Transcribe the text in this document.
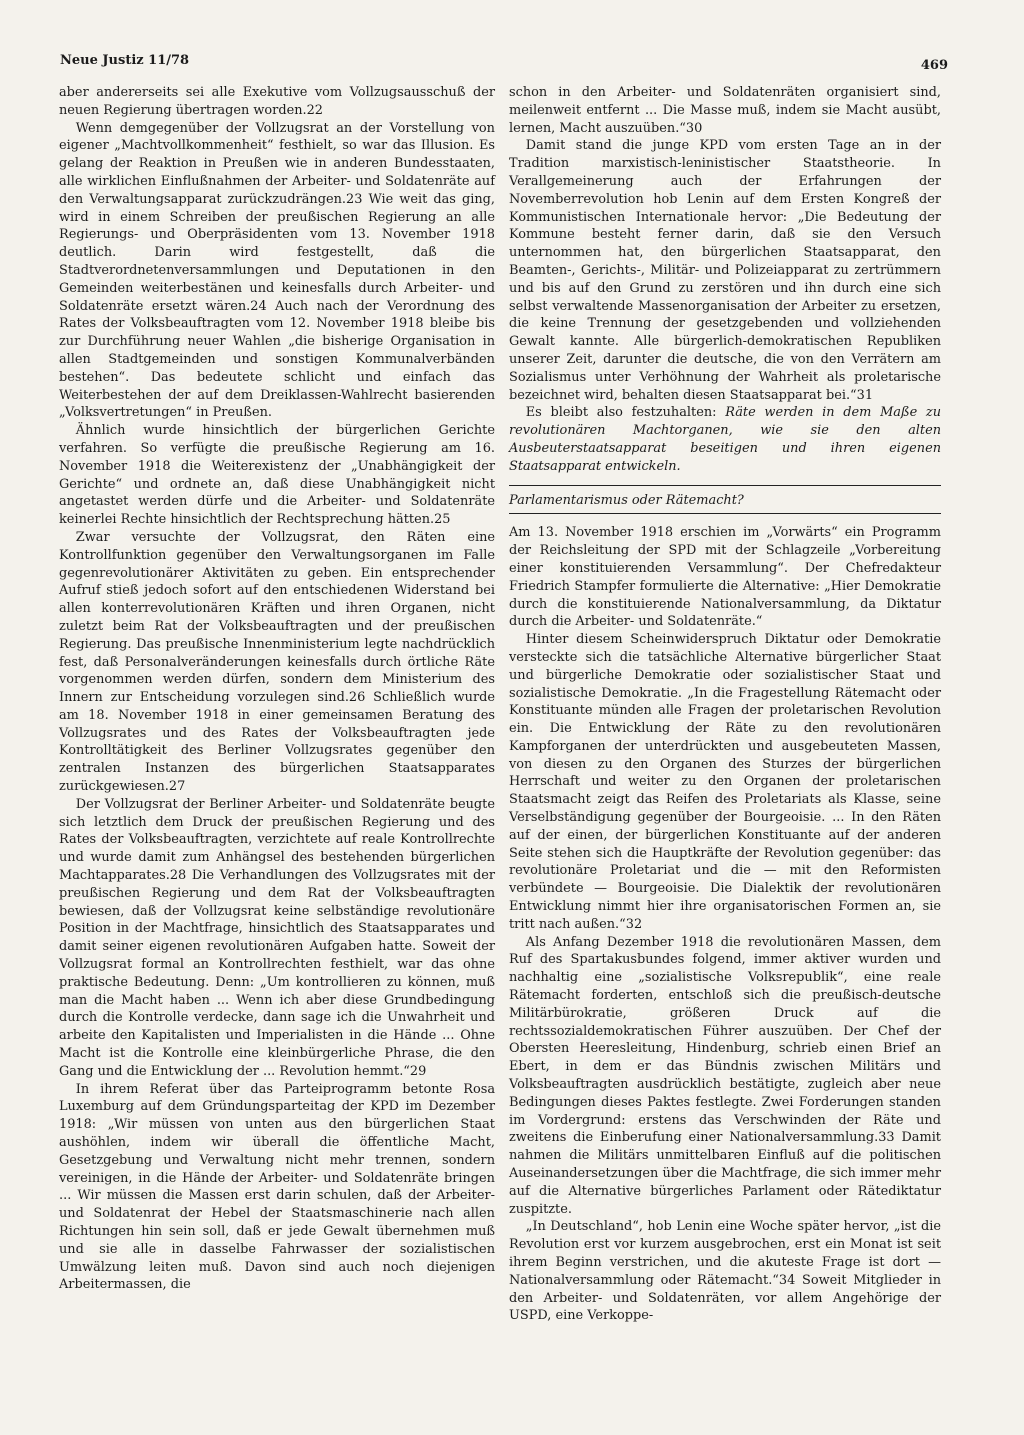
Neue Justiz 11/78	469

aber andererseits sei alle Exekutive vom Vollzugsausschuß der neuen Regierung übertragen worden.22

Wenn demgegenüber der Vollzugsrat an der Vorstellung von eigener „Machtvollkommenheit“ festhielt, so war das Illusion. Es gelang der Reaktion in Preußen wie in anderen Bundesstaaten, alle wirklichen Einflußnahmen der Arbeiter- und Soldatenräte auf den Verwaltungsapparat zurückzudrängen.23 Wie weit das ging, wird in einem Schreiben der preußischen Regierung an alle Regierungs- und Oberpräsidenten vom 13. November 1918 deutlich. Darin wird festgestellt, daß die Stadtverordnetenversammlungen und Deputationen in den Gemeinden weiterbestänen und keinesfalls durch Arbeiter- und Soldatenräte ersetzt wären.24 Auch nach der Verordnung des Rates der Volksbeauftragten vom 12. November 1918 bleibe bis zur Durchführung neuer Wahlen „die bisherige Organisation in allen Stadtgemeinden und sonstigen Kommunalverbänden bestehen“. Das bedeutete schlicht und einfach das Weiterbestehen der auf dem Dreiklassen-Wahlrecht basierenden „Volksvertretungen“ in Preußen.

Ähnlich wurde hinsichtlich der bürgerlichen Gerichte verfahren. So verfügte die preußische Regierung am 16. November 1918 die Weiterexistenz der „Unabhängigkeit der Gerichte“ und ordnete an, daß diese Unabhängigkeit nicht angetastet werden dürfe und die Arbeiter- und Soldatenräte keinerlei Rechte hinsichtlich der Rechtsprechung hätten.25

Zwar versuchte der Vollzugsrat, den Räten eine Kontrollfunktion gegenüber den Verwaltungsorganen im Falle gegenrevolutionärer Aktivitäten zu geben. Ein entsprechender Aufruf stieß jedoch sofort auf den entschiedenen Widerstand bei allen konterrevolutionären Kräften und ihren Organen, nicht zuletzt beim Rat der Volksbeauftragten und der preußischen Regierung. Das preußische Innenministerium legte nachdrücklich fest, daß Personalveränderungen keinesfalls durch örtliche Räte vorgenommen werden dürfen, sondern dem Ministerium des Innern zur Entscheidung vorzulegen sind.26 Schließlich wurde am 18. November 1918 in einer gemeinsamen Beratung des Vollzugsrates und des Rates der Volksbeauftragten jede Kontrolltätigkeit des Berliner Vollzugsrates gegenüber den zentralen Instanzen des bürgerlichen Staatsapparates zurückgewiesen.27

Der Vollzugsrat der Berliner Arbeiter- und Soldatenräte beugte sich letztlich dem Druck der preußischen Regierung und des Rates der Volksbeauftragten, verzichtete auf reale Kontrollrechte und wurde damit zum Anhängsel des bestehenden bürgerlichen Machtapparates.28 Die Verhandlungen des Vollzugsrates mit der preußischen Regierung und dem Rat der Volksbeauftragten bewiesen, daß der Vollzugsrat keine selbständige revolutionäre Position in der Machtfrage, hinsichtlich des Staatsapparates und damit seiner eigenen revolutionären Aufgaben hatte. Soweit der Vollzugsrat formal an Kontrollrechten festhielt, war das ohne praktische Bedeutung. Denn: „Um kontrollieren zu können, muß man die Macht haben ... Wenn ich aber diese Grundbedingung durch die Kontrolle verdecke, dann sage ich die Unwahrheit und arbeite den Kapitalisten und Imperialisten in die Hände ... Ohne Macht ist die Kontrolle eine kleinbürgerliche Phrase, die den Gang und die Entwicklung der ... Revolution hemmt.“29

In ihrem Referat über das Parteiprogramm betonte Rosa Luxemburg auf dem Gründungsparteitag der KPD im Dezember 1918: „Wir müssen von unten aus den bürgerlichen Staat aushöhlen, indem wir überall die öffentliche Macht, Gesetzgebung und Verwaltung nicht mehr trennen, sondern vereinigen, in die Hände der Arbeiter- und Soldatenräte bringen ... Wir müssen die Massen erst darin schulen, daß der Arbeiter- und Soldatenrat der Hebel der Staatsmaschinerie nach allen Richtungen hin sein soll, daß er jede Gewalt übernehmen muß und sie alle in dasselbe Fahrwasser der sozialistischen Umwälzung leiten muß. Davon sind auch noch diejenigen Arbeitermassen, die

schon in den Arbeiter- und Soldatenräten organisiert sind, meilenweit entfernt ... Die Masse muß, indem sie Macht ausübt, lernen, Macht auszuüben.“30

Damit stand die junge KPD vom ersten Tage an in der Tradition marxistisch-leninistischer Staatstheorie. In Verallgemeinerung auch der Erfahrungen der Novemberrevolution hob Lenin auf dem Ersten Kongreß der Kommunistischen Internationale hervor: „Die Bedeutung der Kommune besteht ferner darin, daß sie den Versuch unternommen hat, den bürgerlichen Staatsapparat, den Beamten-, Gerichts-, Militär- und Polizeiapparat zu zertrümmern und bis auf den Grund zu zerstören und ihn durch eine sich selbst verwaltende Massenorganisation der Arbeiter zu ersetzen, die keine Trennung der gesetzgebenden und vollziehenden Gewalt kannte. Alle bürgerlich-demokratischen Republiken unserer Zeit, darunter die deutsche, die von den Verrätern am Sozialismus unter Verhöhnung der Wahrheit als proletarische bezeichnet wird, behalten diesen Staatsapparat bei.“31

Es bleibt also festzuhalten: Räte werden in dem Maße zu revolutionären Machtorganen, wie sie den alten Ausbeuterstaatsapparat beseitigen und ihren eigenen Staatsapparat entwickeln.

Parlamentarismus oder Rätemacht?

Am 13. November 1918 erschien im „Vorwärts“ ein Programm der Reichsleitung der SPD mit der Schlagzeile „Vorbereitung einer konstituierenden Versammlung“. Der Chefredakteur Friedrich Stampfer formulierte die Alternative: „Hier Demokratie durch die konstituierende Nationalversammlung, da Diktatur durch die Arbeiter- und Soldatenräte.“

Hinter diesem Scheinwiderspruch Diktatur oder Demokratie versteckte sich die tatsächliche Alternative bürgerlicher Staat und bürgerliche Demokratie oder sozialistischer Staat und sozialistische Demokratie. „In die Fragestellung Rätemacht oder Konstituante münden alle Fragen der proletarischen Revolution ein. Die Entwicklung der Räte zu den revolutionären Kampforganen der unterdrückten und ausgebeuteten Massen, von diesen zu den Organen des Sturzes der bürgerlichen Herrschaft und weiter zu den Organen der proletarischen Staatsmacht zeigt das Reifen des Proletariats als Klasse, seine Verselbständigung gegenüber der Bourgeoisie. ... In den Räten auf der einen, der bürgerlichen Konstituante auf der anderen Seite stehen sich die Hauptkräfte der Revolution gegenüber: das revolutionäre Proletariat und die — mit den Reformisten verbündete — Bourgeoisie. Die Dialektik der revolutionären Entwicklung nimmt hier ihre organisatorischen Formen an, sie tritt nach außen.“32

Als Anfang Dezember 1918 die revolutionären Massen, dem Ruf des Spartakusbundes folgend, immer aktiver wurden und nachhaltig eine „sozialistische Volksrepublik“, eine reale Rätemacht forderten, entschloß sich die preußisch-deutsche Militärbürokratie, größeren Druck auf die rechtssozialdemokratischen Führer auszuüben. Der Chef der Obersten Heeresleitung, Hindenburg, schrieb einen Brief an Ebert, in dem er das Bündnis zwischen Militärs und Volksbeauftragten ausdrücklich bestätigte, zugleich aber neue Bedingungen dieses Paktes festlegte. Zwei Forderungen standen im Vordergrund: erstens das Verschwinden der Räte und zweitens die Einberufung einer Nationalversammlung.33 Damit nahmen die Militärs unmittelbaren Einfluß auf die politischen Auseinandersetzungen über die Machtfrage, die sich immer mehr auf die Alternative bürgerliches Parlament oder Rätediktatur zuspitzte.

„In Deutschland“, hob Lenin eine Woche später hervor, „ist die Revolution erst vor kurzem ausgebrochen, erst ein Monat ist seit ihrem Beginn verstrichen, und die akuteste Frage ist dort — Nationalversammlung oder Rätemacht.“34 Soweit Mitglieder in den Arbeiter- und Soldatenräten, vor allem Angehörige der USPD, eine Verkoppe-
